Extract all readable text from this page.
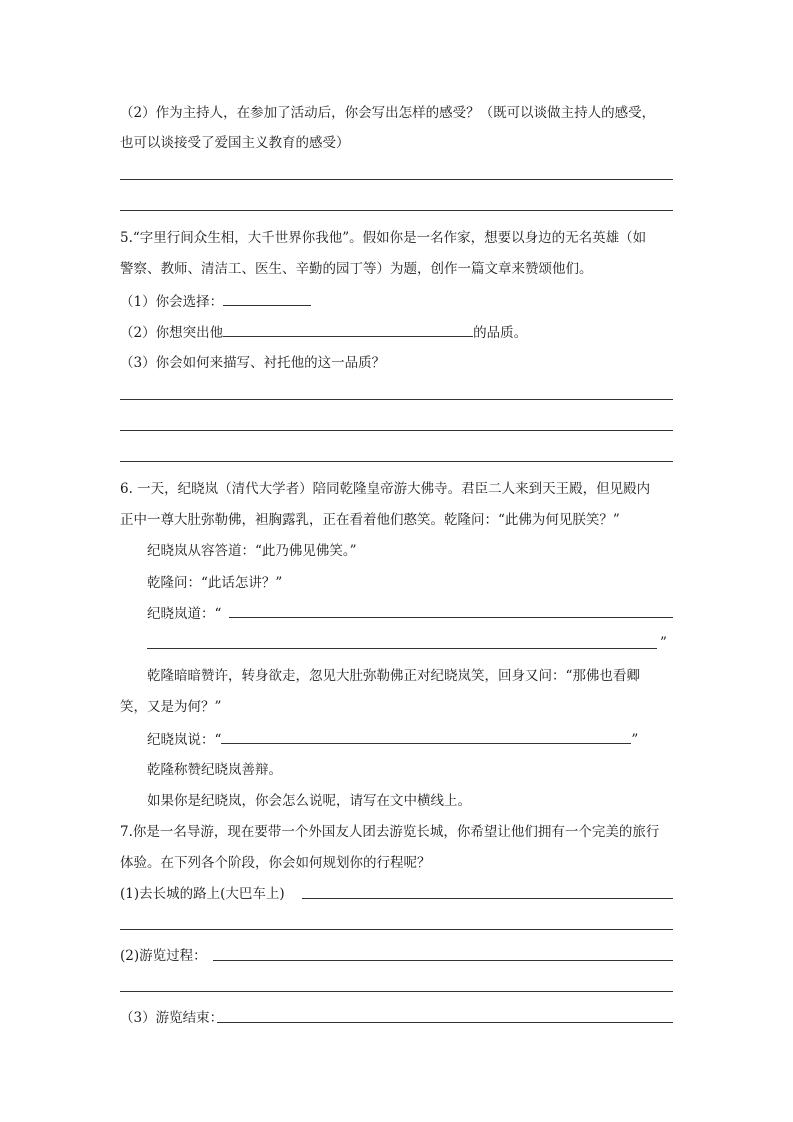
（2）作为主持人，在参加了活动后，你会写出怎样的感受？（既可以谈做主持人的感受，
也可以谈接受了爱国主义教育的感受）
5.“字里行间众生相，大千世界你我他”。假如你是一名作家，想要以身边的无名英雄（如
警察、教师、清洁工、医生、辛勤的园丁等）为题，创作一篇文章来赞颂他们。
（1）你会选择：
（2）你想突出他	的品质。
（3）你会如何来描写、衬托他的这一品质？
6. 一天，纪晓岚（清代大学者）陪同乾隆皇帝游大佛寺。君臣二人来到天王殿，但见殿内
正中一尊大肚弥勒佛，袒胸露乳，正在看着他们憨笑。乾隆问：“此佛为何见朕笑？”
纪晓岚从容答道：“此乃佛见佛笑。”
乾隆问：“此话怎讲？”
纪晓岚道：“
”
乾隆暗暗赞许，转身欲走，忽见大肚弥勒佛正对纪晓岚笑，回身又问：“那佛也看卿
笑，又是为何？”
纪晓岚说：“	”
乾隆称赞纪晓岚善辩。
如果你是纪晓岚，你会怎么说呢，请写在文中横线上。
7.你是一名导游，现在要带一个外国友人团去游览长城，你希望让他们拥有一个完美的旅行
体验。在下列各个阶段，你会如何规划你的行程呢？
(1)去长城的路上(大巴车上)
(2)游览过程：
（3）游览结束：
